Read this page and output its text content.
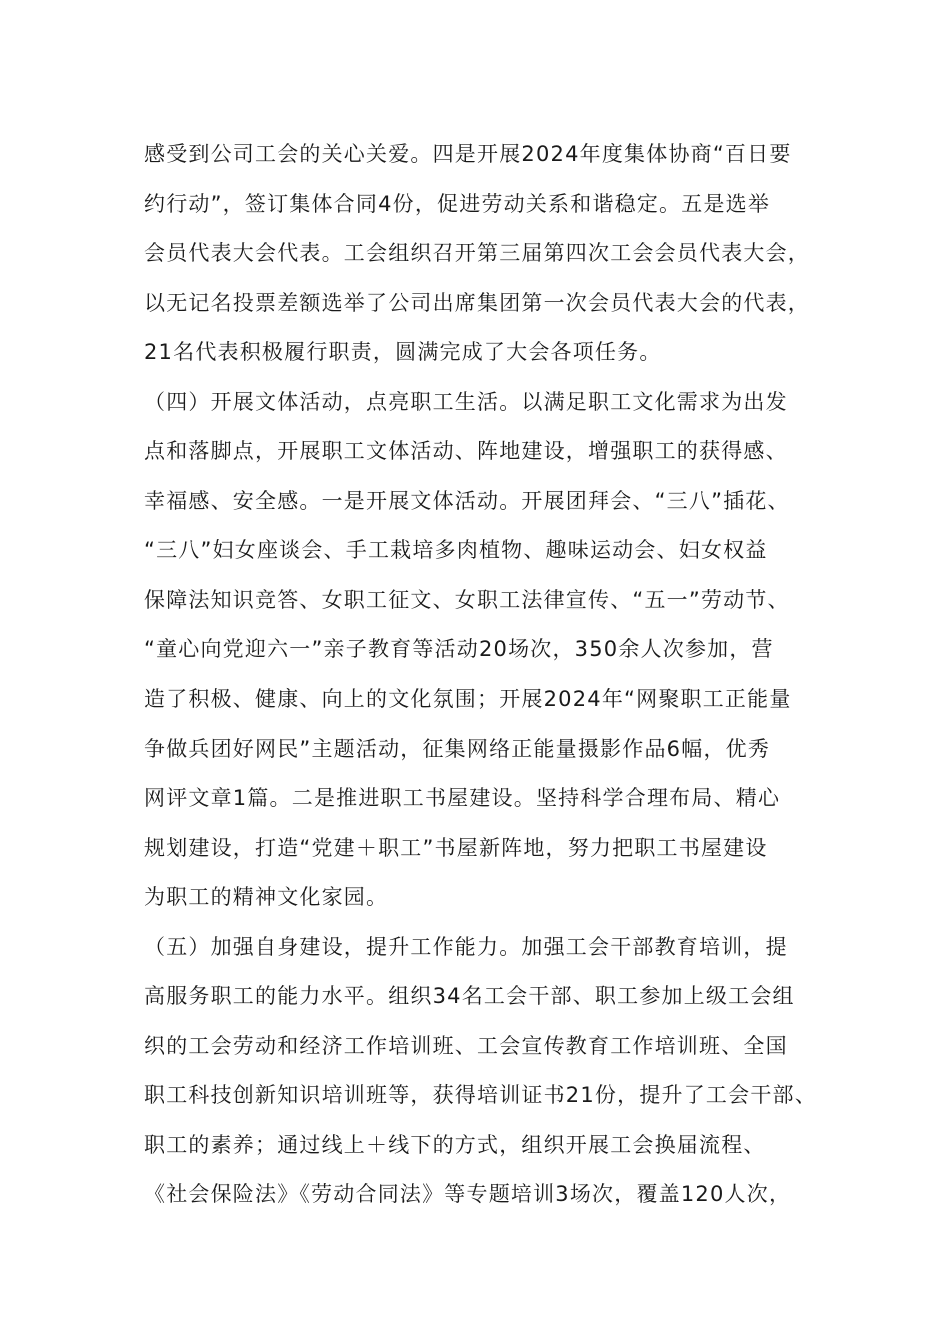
感受到公司工会的关心关爱。四是开展2024年度集体协商“百日要
约行动”，签订集体合同4份，促进劳动关系和谐稳定。五是选举
会员代表大会代表。工会组织召开第三届第四次工会会员代表大会，
以无记名投票差额选举了公司出席集团第一次会员代表大会的代表，
21名代表积极履行职责，圆满完成了大会各项任务。
（四）开展文体活动，点亮职工生活。以满足职工文化需求为出发
点和落脚点，开展职工文体活动、阵地建设，增强职工的获得感、
幸福感、安全感。一是开展文体活动。开展团拜会、“三八”插花、
“三八”妇女座谈会、手工栽培多肉植物、趣味运动会、妇女权益
保障法知识竞答、女职工征文、女职工法律宣传、“五一”劳动节、
“童心向党迎六一”亲子教育等活动20场次，350余人次参加，营
造了积极、健康、向上的文化氛围；开展2024年“网聚职工正能量
争做兵团好网民”主题活动，征集网络正能量摄影作品6幅，优秀
网评文章1篇。二是推进职工书屋建设。坚持科学合理布局、精心
规划建设，打造“党建＋职工”书屋新阵地，努力把职工书屋建设
为职工的精神文化家园。
（五）加强自身建设，提升工作能力。加强工会干部教育培训，提
高服务职工的能力水平。组织34名工会干部、职工参加上级工会组
织的工会劳动和经济工作培训班、工会宣传教育工作培训班、全国
职工科技创新知识培训班等，获得培训证书21份，提升了工会干部、
职工的素养；通过线上＋线下的方式，组织开展工会换届流程、
《社会保险法》《劳动合同法》等专题培训3场次，覆盖120人次，
